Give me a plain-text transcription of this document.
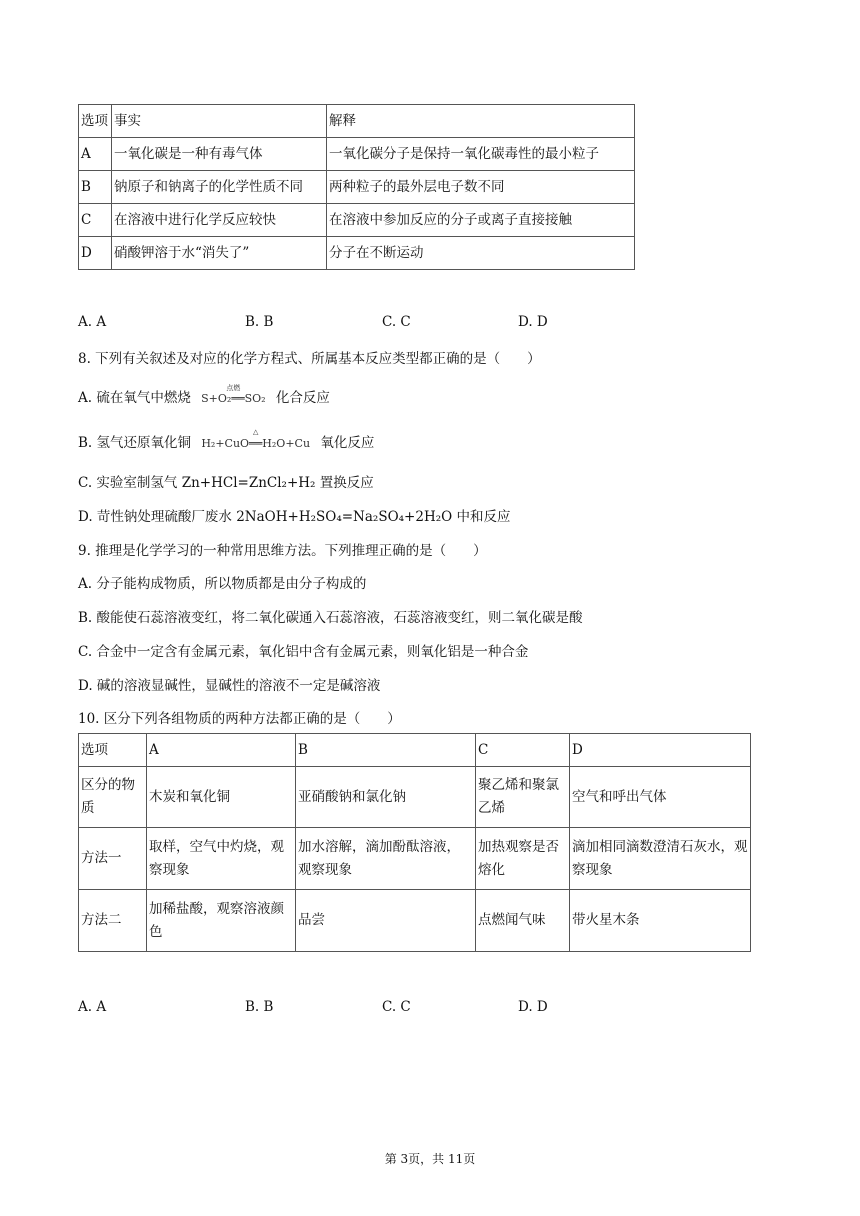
选项	事实	解释
A	一氧化碳是一种有毒气体	一氧化碳分子是保持一氧化碳毒性的最小粒子
B	钠原子和钠离子的化学性质不同	两种粒子的最外层电子数不同
C	在溶液中进行化学反应较快	在溶液中参加反应的分子或离子直接接触
D	硝酸钾溶于水“消失了”	分子在不断运动
A. A	B. B	C. C	D. D
8. 下列有关叙述及对应的化学方程式、所属基本反应类型都正确的是（　　）
A. 硫在氧气中燃烧
点燃
S+O₂══SO₂ 化合反应
B. 氢气还原氧化铜
△
H₂+CuO══H₂O+Cu 氧化反应
C. 实验室制氢气 Zn+HCl=ZnCl₂+H₂ 置换反应
D. 苛性钠处理硫酸厂废水 2NaOH+H₂SO₄=Na₂SO₄+2H₂O 中和反应
9. 推理是化学学习的一种常用思维方法。下列推理正确的是（　　）
A. 分子能构成物质，所以物质都是由分子构成的
B. 酸能使石蕊溶液变红，将二氧化碳通入石蕊溶液，石蕊溶液变红，则二氧化碳是酸
C. 合金中一定含有金属元素，氧化铝中含有金属元素，则氧化铝是一种合金
D. 碱的溶液显碱性，显碱性的溶液不一定是碱溶液
10. 区分下列各组物质的两种方法都正确的是（　　）
选项	A	B	C	D
区分的物质	木炭和氧化铜	亚硝酸钠和氯化钠	聚乙烯和聚氯乙烯	空气和呼出气体
方法一	取样，空气中灼烧，观察现象	加水溶解，滴加酚酞溶液，观察现象	加热观察是否熔化	滴加相同滴数澄清石灰水，观察现象
方法二	加稀盐酸，观察溶液颜色	品尝	点燃闻气味	带火星木条
A. A	B. B	C. C	D. D
第 3页，共 11页
